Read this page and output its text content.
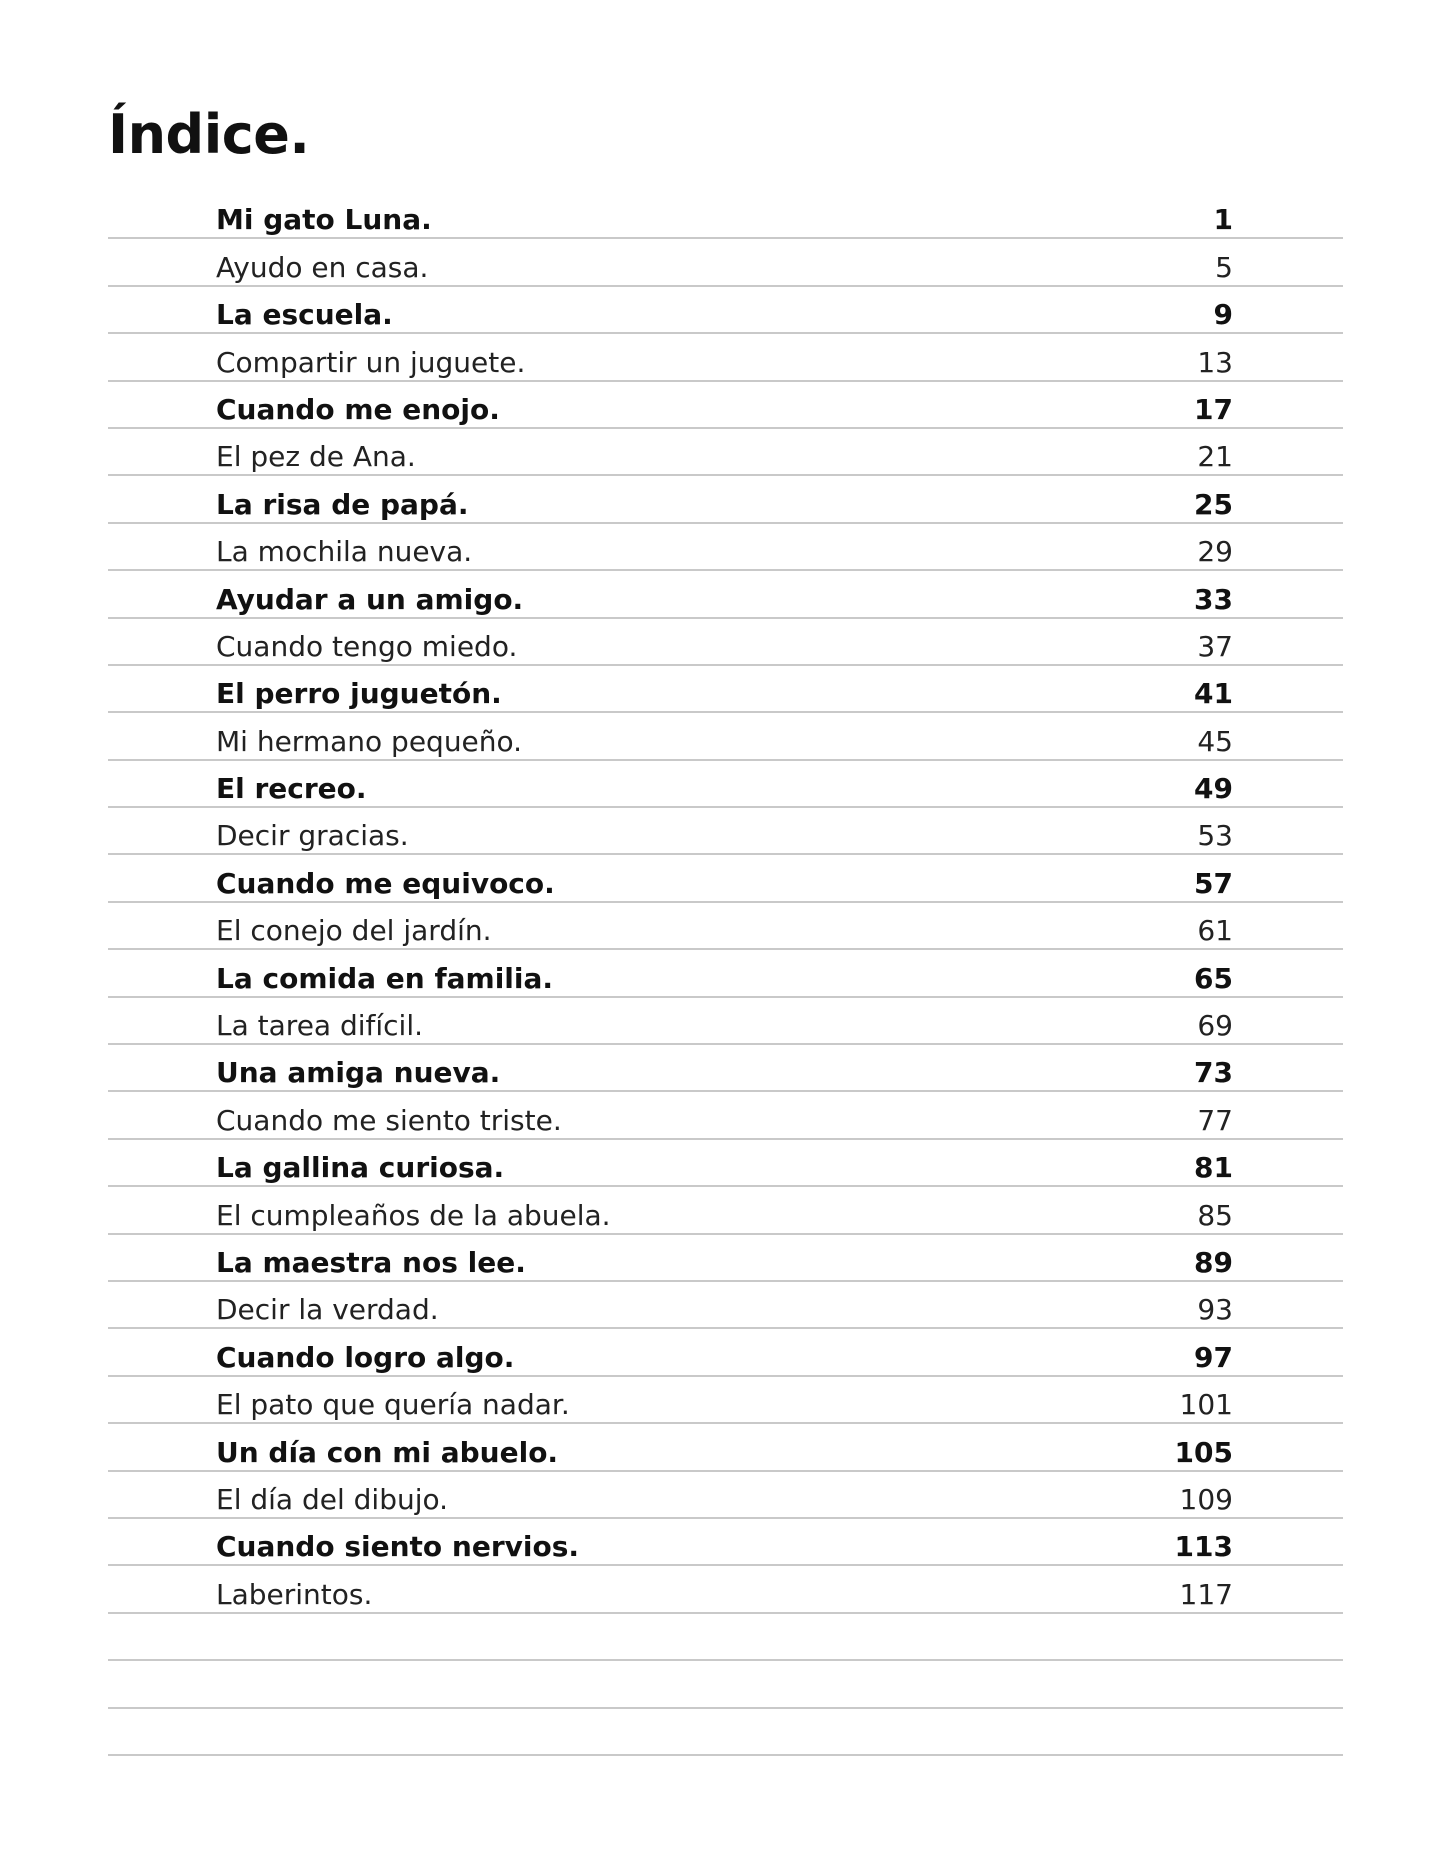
Índice.
Mi gato Luna.	1
Ayudo en casa.	5
La escuela.	9
Compartir un juguete.	13
Cuando me enojo.	17
El pez de Ana.	21
La risa de papá.	25
La mochila nueva.	29
Ayudar a un amigo.	33
Cuando tengo miedo.	37
El perro juguetón.	41
Mi hermano pequeño.	45
El recreo.	49
Decir gracias.	53
Cuando me equivoco.	57
El conejo del jardín.	61
La comida en familia.	65
La tarea difícil.	69
Una amiga nueva.	73
Cuando me siento triste.	77
La gallina curiosa.	81
El cumpleaños de la abuela.	85
La maestra nos lee.	89
Decir la verdad.	93
Cuando logro algo.	97
El pato que quería nadar.	101
Un día con mi abuelo.	105
El día del dibujo.	109
Cuando siento nervios.	113
Laberintos.	117
